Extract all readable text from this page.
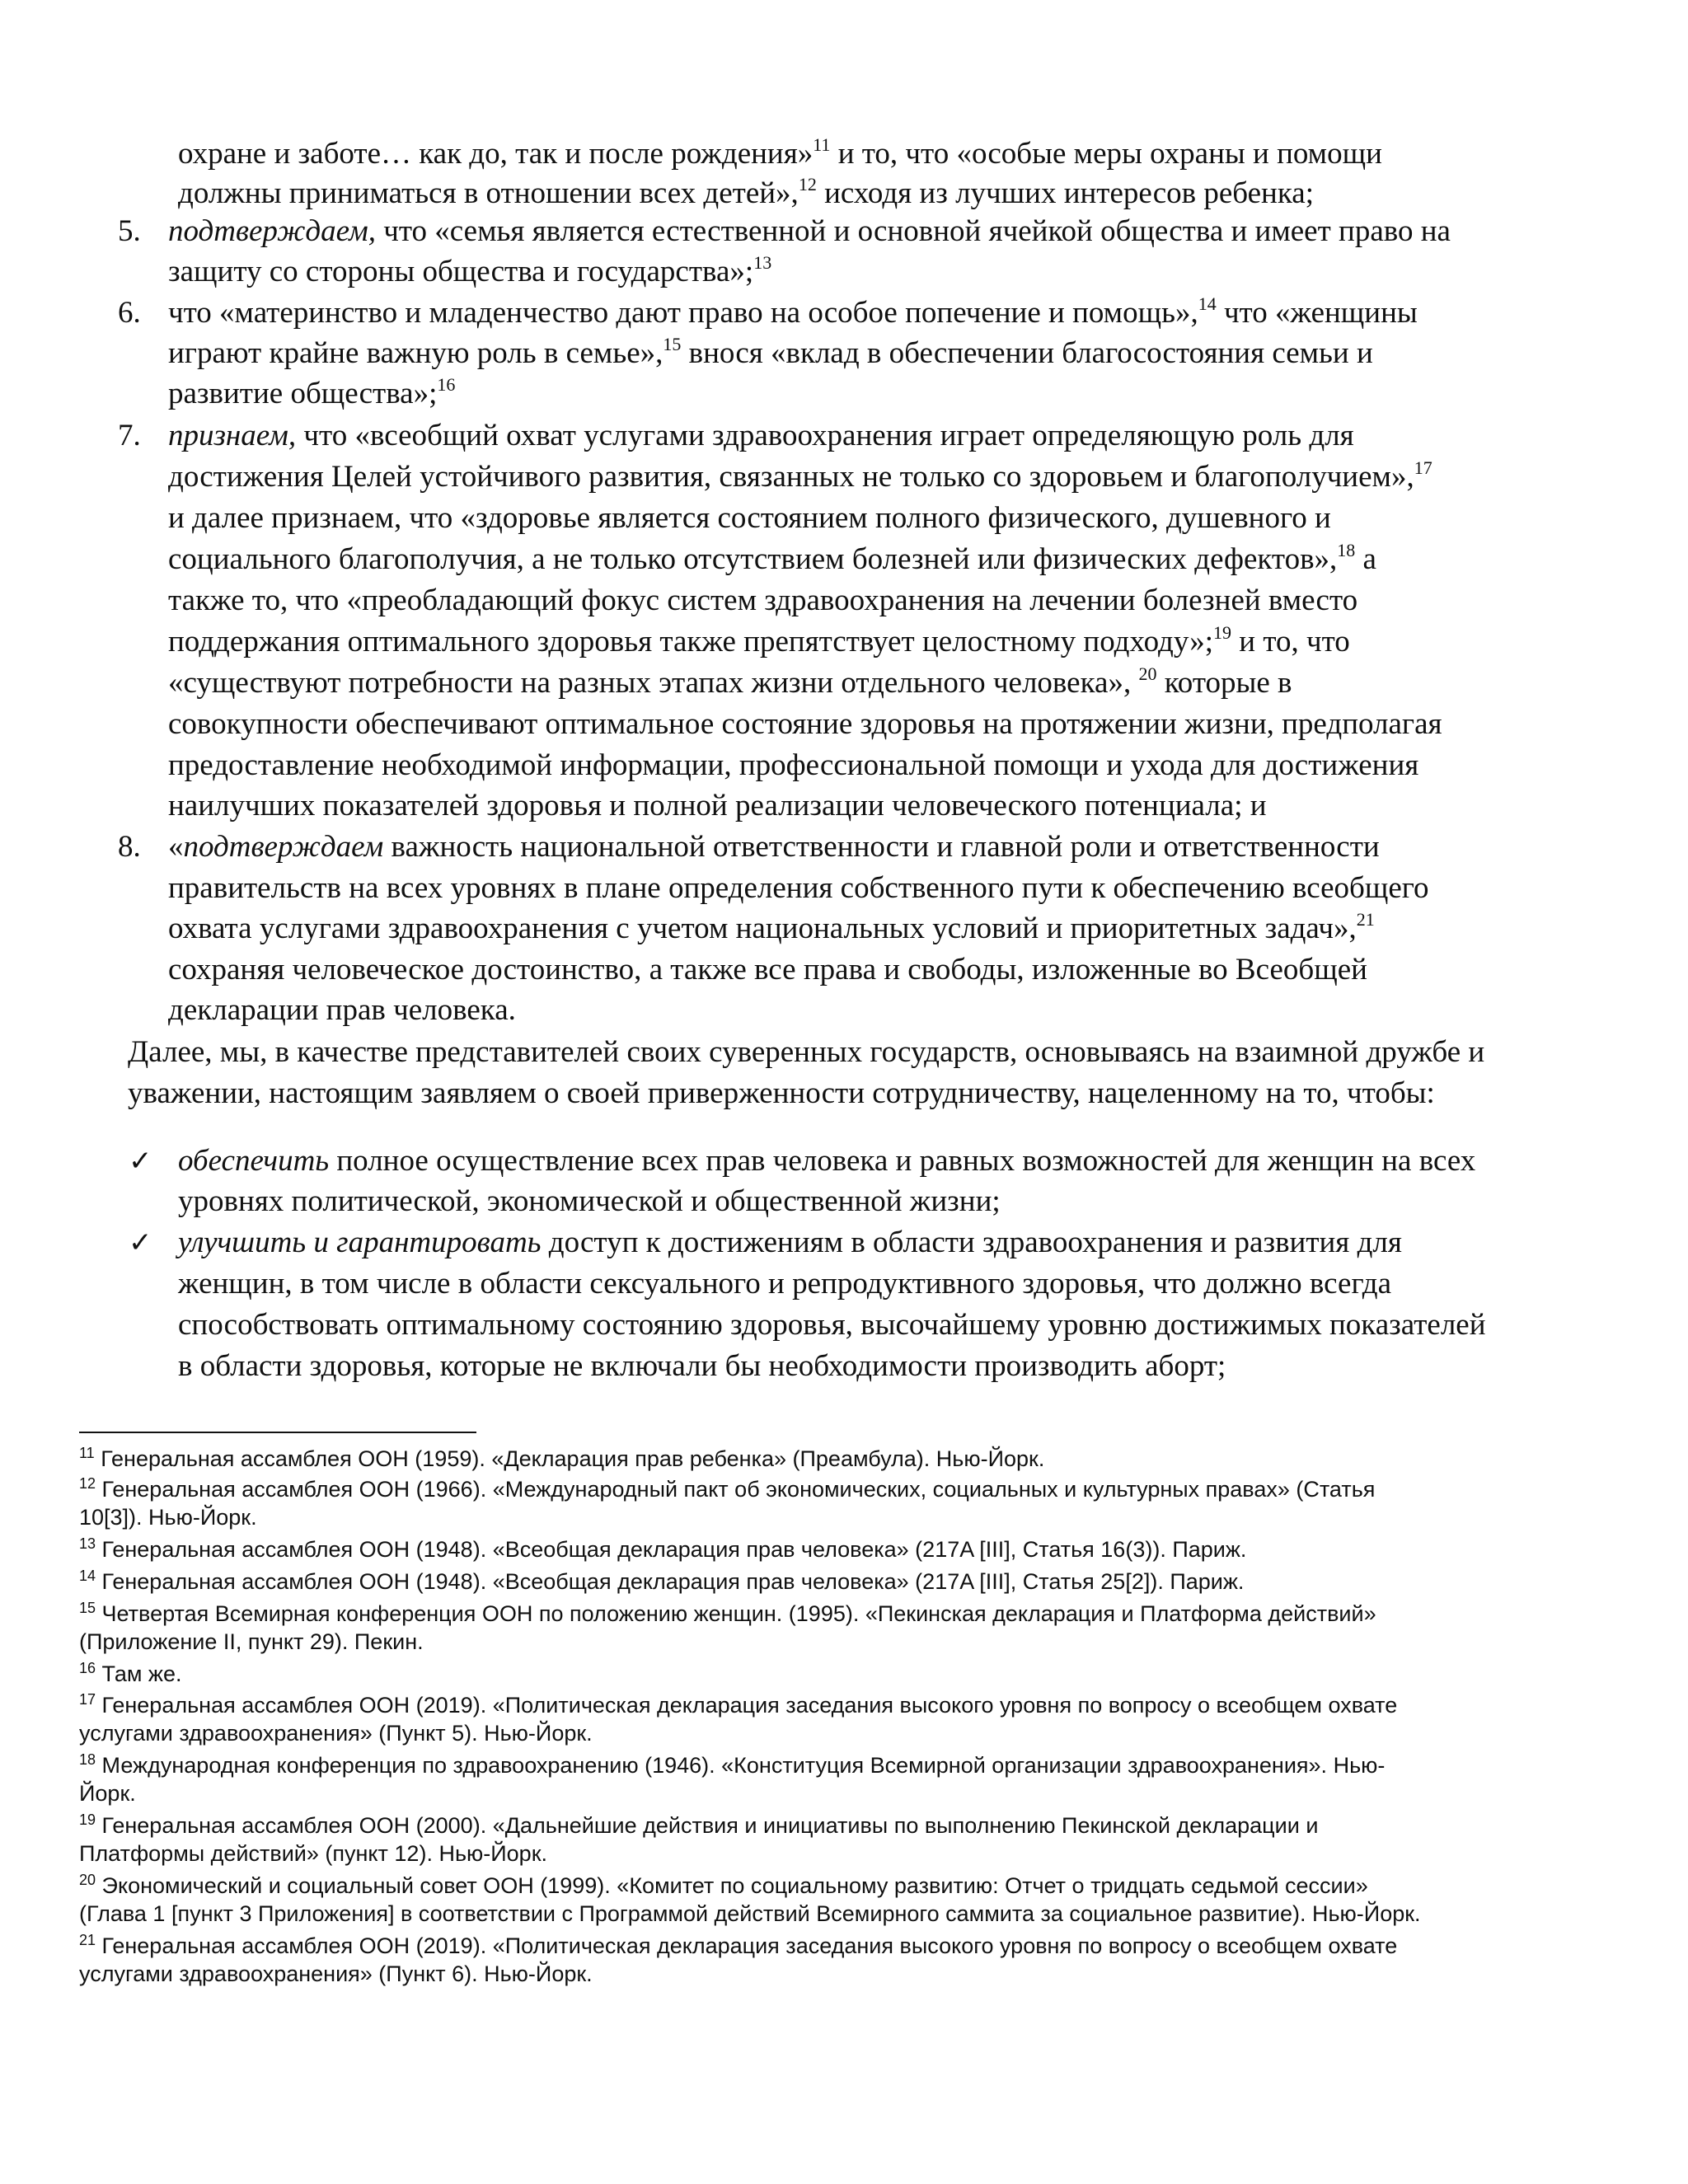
охране и заботе… как до, так и после рождения»$^{11}$ и то, что «особые меры охраны и помощи
должны приниматься в отношении всех детей»,$^{12}$ исходя из лучших интересов ребенка;
5. подтверждаем, что «семья является естественной и основной ячейкой общества и имеет право на
защиту со стороны общества и государства»;$^{13}$
6. что «материнство и младенчество дают право на особое попечение и помощь»,$^{14}$ что «женщины
играют крайне важную роль в семье»,$^{15}$ внося «вклад в обеспечении благосостояния семьи и
развитие общества»;$^{16}$
7. признаем, что «всеобщий охват услугами здравоохранения играет определяющую роль для
достижения Целей устойчивого развития, связанных не только со здоровьем и благополучием»,$^{17}$
и далее признаем, что «здоровье является состоянием полного физического, душевного и
социального благополучия, а не только отсутствием болезней или физических дефектов»,$^{18}$ а
также то, что «преобладающий фокус систем здравоохранения на лечении болезней вместо
поддержания оптимального здоровья также препятствует целостному подходу»;$^{19}$ и то, что
«существуют потребности на разных этапах жизни отдельного человека», $^{20}$ которые в
совокупности обеспечивают оптимальное состояние здоровья на протяжении жизни, предполагая
предоставление необходимой информации, профессиональной помощи и ухода для достижения
наилучших показателей здоровья и полной реализации человеческого потенциала; и
8. «подтверждаем важность национальной ответственности и главной роли и ответственности
правительств на всех уровнях в плане определения собственного пути к обеспечению всеобщего
охвата услугами здравоохранения с учетом национальных условий и приоритетных задач»,$^{21}$
сохраняя человеческое достоинство, а также все права и свободы, изложенные во Всеобщей
декларации прав человека.
Далее, мы, в качестве представителей своих суверенных государств, основываясь на взаимной дружбе и
уважении, настоящим заявляем о своей приверженности сотрудничеству, нацеленному на то, чтобы:
✓ обеспечить полное осуществление всех прав человека и равных возможностей для женщин на всех
уровнях политической, экономической и общественной жизни;
✓ улучшить и гарантировать доступ к достижениям в области здравоохранения и развития для
женщин, в том числе в области сексуального и репродуктивного здоровья, что должно всегда
способствовать оптимальному состоянию здоровья, высочайшему уровню достижимых показателей
в области здоровья, которые не включали бы необходимости производить аборт;
$^{11}$ Генеральная ассамблея ООН (1959). «Декларация прав ребенка» (Преамбула). Нью-Йорк.
$^{12}$ Генеральная ассамблея ООН (1966). «Международный пакт об экономических, социальных и культурных правах» (Статья
10[3]). Нью-Йорк.
$^{13}$ Генеральная ассамблея ООН (1948). «Всеобщая декларация прав человека» (217A [III], Статья 16(3)). Париж.
$^{14}$ Генеральная ассамблея ООН (1948). «Всеобщая декларация прав человека» (217A [III], Статья 25[2]). Париж.
$^{15}$ Четвертая Всемирная конференция ООН по положению женщин. (1995). «Пекинская декларация и Платформа действий»
(Приложение II, пункт 29). Пекин.
$^{16}$ Там же.
$^{17}$ Генеральная ассамблея ООН (2019). «Политическая декларация заседания высокого уровня по вопросу о всеобщем охвате
услугами здравоохранения» (Пункт 5). Нью-Йорк.
$^{18}$ Международная конференция по здравоохранению (1946). «Конституция Всемирной организации здравоохранения». Нью-
Йорк.
$^{19}$ Генеральная ассамблея ООН (2000). «Дальнейшие действия и инициативы по выполнению Пекинской декларации и
Платформы действий» (пункт 12). Нью-Йорк.
$^{20}$ Экономический и социальный совет ООН (1999). «Комитет по социальному развитию: Отчет о тридцать седьмой сессии»
(Глава 1 [пункт 3 Приложения] в соответствии с Программой действий Всемирного саммита за социальное развитие). Нью-Йорк.
$^{21}$ Генеральная ассамблея ООН (2019). «Политическая декларация заседания высокого уровня по вопросу о всеобщем охвате
услугами здравоохранения» (Пункт 6). Нью-Йорк.
